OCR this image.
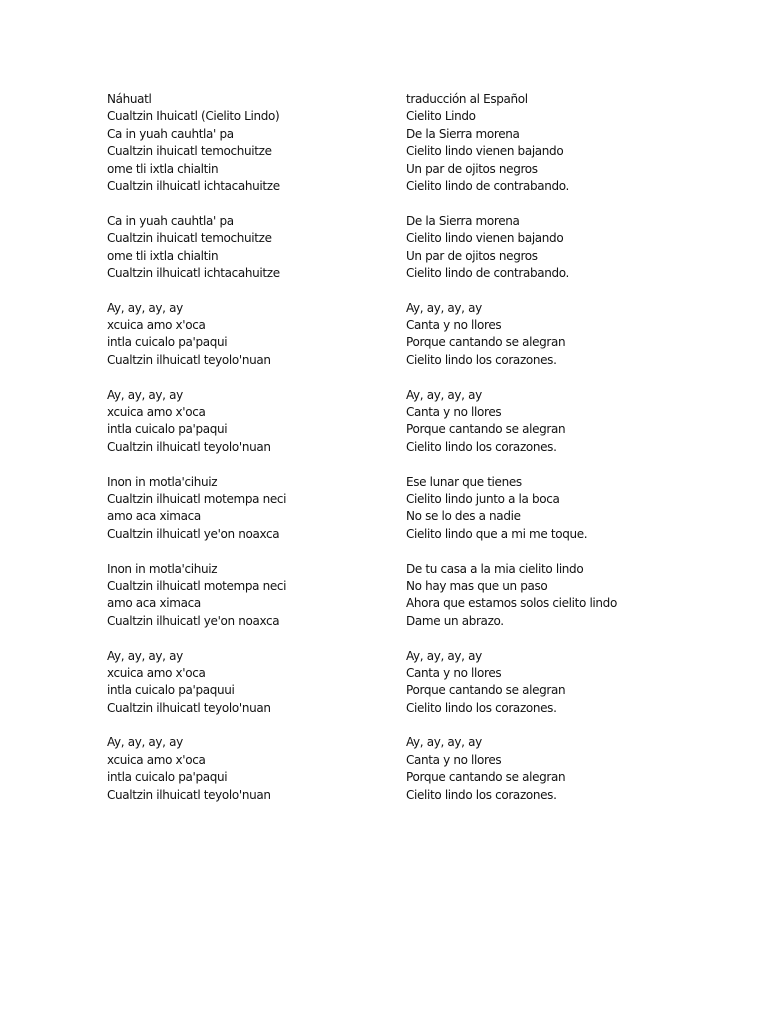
Náhuatl
Cualtzin Ihuicatl (Cielito Lindo)
Ca in yuah cauhtla' pa
Cualtzin ihuicatl temochuitze
ome tli ixtla chialtin
Cualtzin ilhuicatl ichtacahuitze
Ca in yuah cauhtla' pa
Cualtzin ihuicatl temochuitze
ome tli ixtla chialtin
Cualtzin ilhuicatl ichtacahuitze
Ay, ay, ay, ay
xcuica amo x'oca
intla cuicalo pa'paqui
Cualtzin ilhuicatl teyolo'nuan
Ay, ay, ay, ay
xcuica amo x'oca
intla cuicalo pa'paqui
Cualtzin ilhuicatl teyolo'nuan
Inon in motla'cihuiz
Cualtzin ilhuicatl motempa neci
amo aca ximaca
Cualtzin ilhuicatl ye'on noaxca
Inon in motla'cihuiz
Cualtzin ilhuicatl motempa neci
amo aca ximaca
Cualtzin ilhuicatl ye'on noaxca
Ay, ay, ay, ay
xcuica amo x'oca
intla cuicalo pa'paquui
Cualtzin ilhuicatl teyolo'nuan
Ay, ay, ay, ay
xcuica amo x'oca
intla cuicalo pa'paqui
Cualtzin ilhuicatl teyolo'nuan
traducción al Español
Cielito Lindo
De la Sierra morena
Cielito lindo vienen bajando
Un par de ojitos negros
Cielito lindo de contrabando.
De la Sierra morena
Cielito lindo vienen bajando
Un par de ojitos negros
Cielito lindo de contrabando.
Ay, ay, ay, ay
Canta y no llores
Porque cantando se alegran
Cielito lindo los corazones.
Ay, ay, ay, ay
Canta y no llores
Porque cantando se alegran
Cielito lindo los corazones.
Ese lunar que tienes
Cielito lindo junto a la boca
No se lo des a nadie
Cielito lindo que a mi me toque.
De tu casa a la mia cielito lindo
No hay mas que un paso
Ahora que estamos solos cielito lindo
Dame un abrazo.
Ay, ay, ay, ay
Canta y no llores
Porque cantando se alegran
Cielito lindo los corazones.
Ay, ay, ay, ay
Canta y no llores
Porque cantando se alegran
Cielito lindo los corazones.
